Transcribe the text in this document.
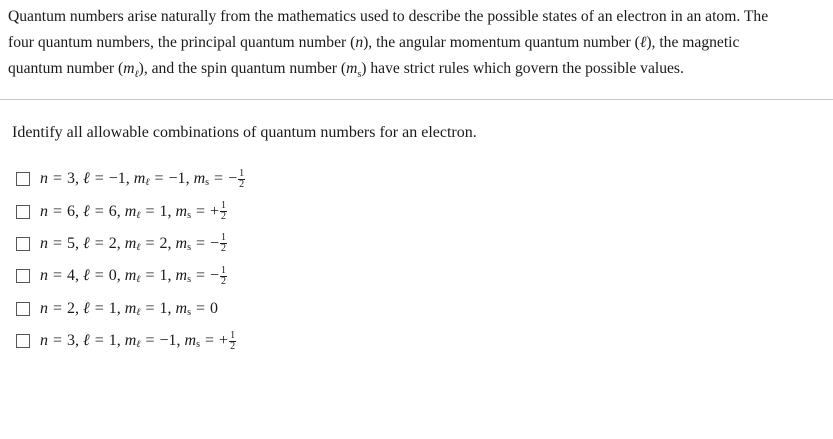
Quantum numbers arise naturally from the mathematics used to describe the possible states of an electron in an atom. The
four quantum numbers, the principal quantum number (n), the angular momentum quantum number (ℓ), the magnetic
quantum number $(m_\ell)$, and the spin quantum number $(m_s)$ have strict rules which govern the possible values.
Identify all allowable combinations of quantum numbers for an electron.
n = 3 , ℓ = −1 , m ℓ = −1 , m s = − $\frac{1}{2}$
n = 6 , ℓ = 6 , m ℓ = 1 , m s = + $\frac{1}{2}$
n = 5 , ℓ = 2 , m ℓ = 2 , m s = − $\frac{1}{2}$
n = 4 , ℓ = 0 , m ℓ = 1 , m s = − $\frac{1}{2}$
n = 2 , ℓ = 1 , m ℓ = 1 , m s = 0
n = 3 , ℓ = 1 , m ℓ = −1 , m s = + $\frac{1}{2}$
